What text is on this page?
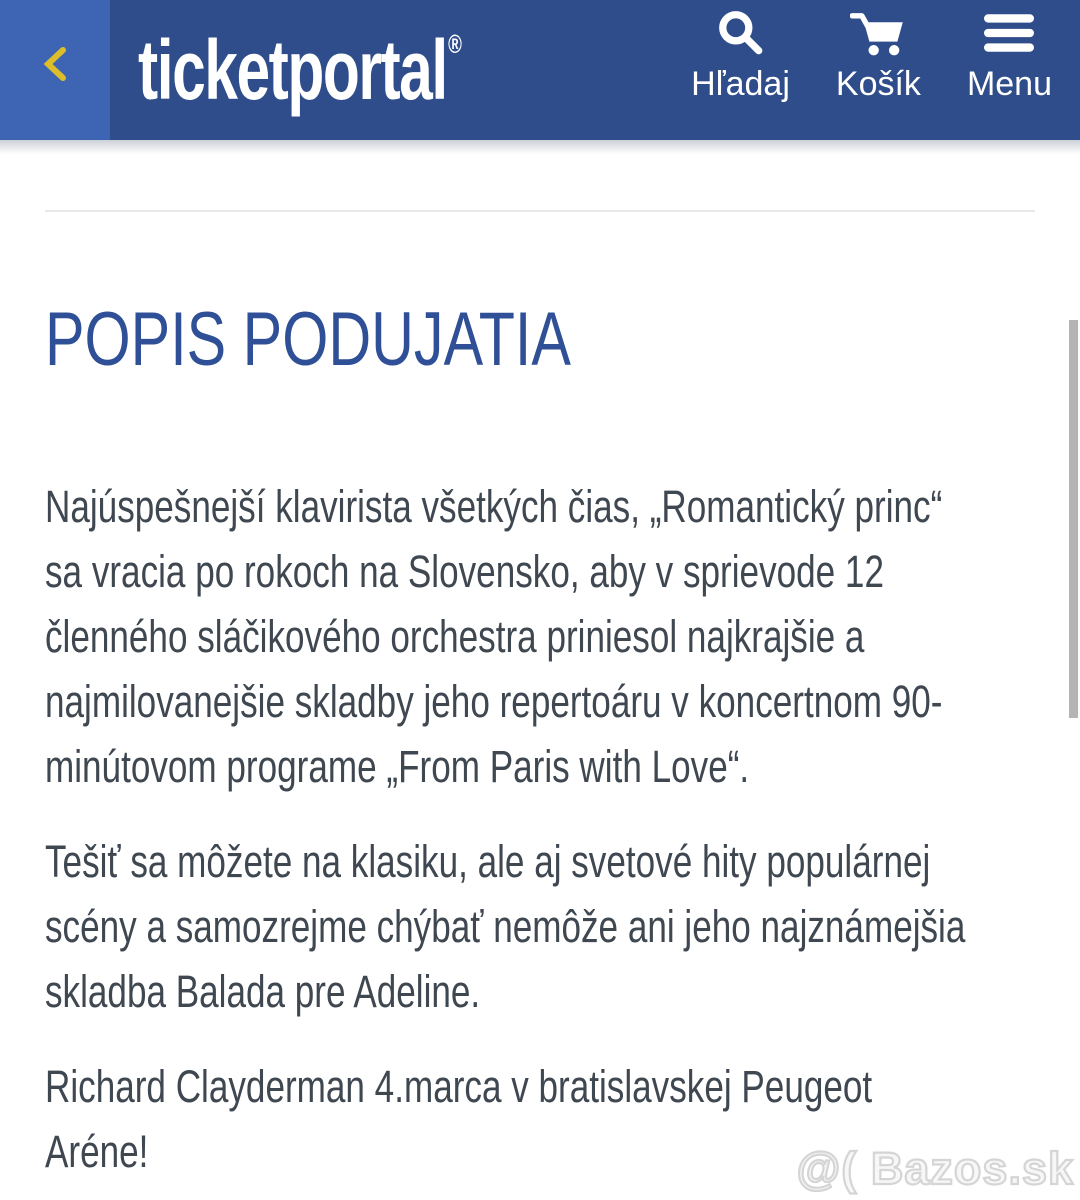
ticketportal®
Hľadaj Košík Menu
POPIS PODUJATIA

Najúspešnejší klavirista všetkých čias, „Romantický princ“
sa vracia po rokoch na Slovensko, aby v sprievode 12
členného sláčikového orchestra priniesol najkrajšie a
najmilovanejšie skladby jeho repertoáru v koncertnom 90-
minútovom programe „From Paris with Love“.

Tešiť sa môžete na klasiku, ale aj svetové hity populárnej
scény a samozrejme chýbať nemôže ani jeho najznámejšia
skladba Balada pre Adeline.

Richard Clayderman 4.marca v bratislavskej Peugeot
Aréne!	@( Bazos.sk
